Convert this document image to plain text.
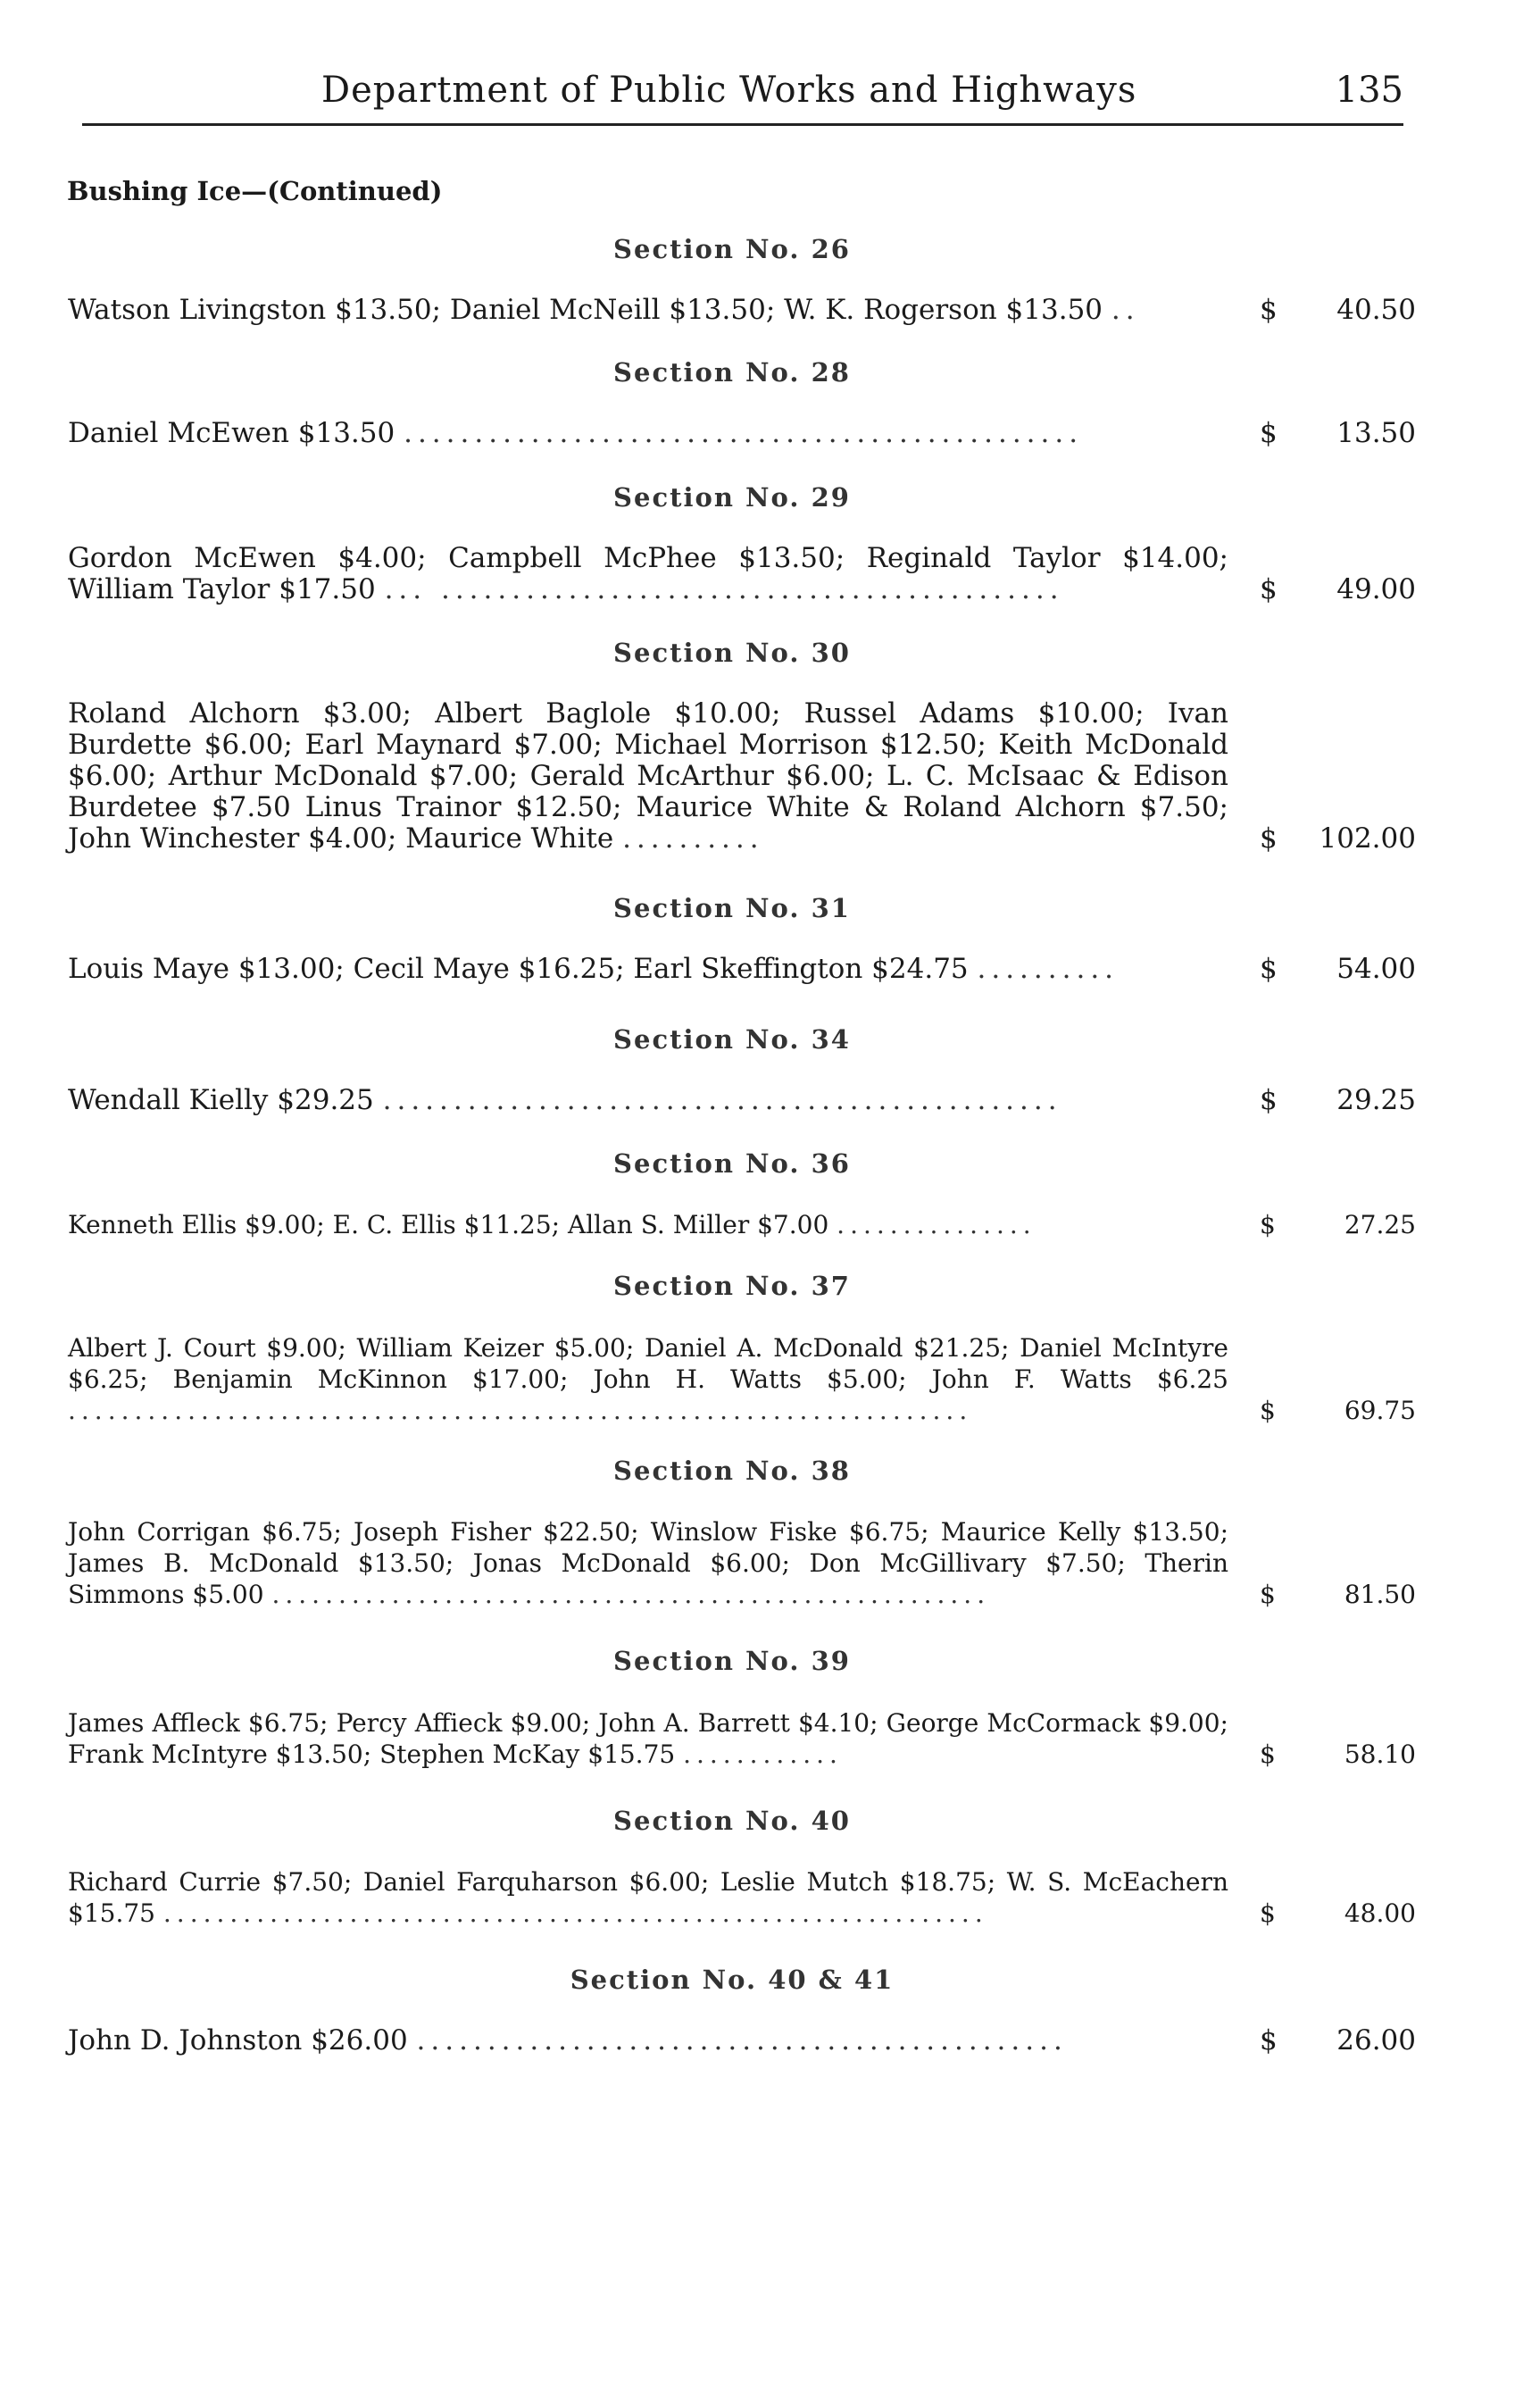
Department of Public Works and Highways	135
Bushing Ice—(Continued)
Section No. 26
Watson Livingston $13.50; Daniel McNeill $13.50; W. K. Rogerson $13.50 ..	$	40.50
Section No. 28
Daniel McEwen $13.50 ................................................	$	13.50
Section No. 29
Gordon McEwen $4.00; Campbell McPhee $13.50; Reginald Taylor $14.00; William Taylor $17.50 ... ............................................	$	49.00
Section No. 30
Roland Alchorn $3.00; Albert Baglole $10.00; Russel Adams $10.00; Ivan Burdette $6.00; Earl Maynard $7.00; Michael Morrison $12.50; Keith McDonald $6.00; Arthur McDonald $7.00; Gerald McArthur $6.00; L. C. McIsaac & Edison Burdetee $7.50 Linus Trainor $12.50; Maurice White & Roland Alchorn $7.50; John Winchester $4.00; Maurice White ..........	$	102.00
Section No. 31
Louis Maye $13.00; Cecil Maye $16.25; Earl Skeffington $24.75 ..........	$	54.00
Section No. 34
Wendall Kielly $29.25 ................................................	$	29.25
Section No. 36
Kenneth Ellis $9.00; E. C. Ellis $11.25; Allan S. Miller $7.00 ...............	$	27.25
Section No. 37
Albert J. Court $9.00; William Keizer $5.00; Daniel A. McDonald $21.25; Daniel McIntyre $6.25; Benjamin McKinnon $17.00; John H. Watts $5.00; John F. Watts $6.25 ....................................................................	$	69.75
Section No. 38
John Corrigan $6.75; Joseph Fisher $22.50; Winslow Fiske $6.75; Maurice Kelly $13.50; James B. McDonald $13.50; Jonas McDonald $6.00; Don McGillivary $7.50; Therin Simmons $5.00 ......................................................	$	81.50
Section No. 39
James Affleck $6.75; Percy Affieck $9.00; John A. Barrett $4.10; George McCormack $9.00; Frank McIntyre $13.50; Stephen McKay $15.75 ............	$	58.10
Section No. 40
Richard Currie $7.50; Daniel Farquharson $6.00; Leslie Mutch $18.75; W. S. McEachern $15.75 ..............................................................	$	48.00
Section No. 40 & 41
John D. Johnston $26.00 ..............................................	$	26.00
